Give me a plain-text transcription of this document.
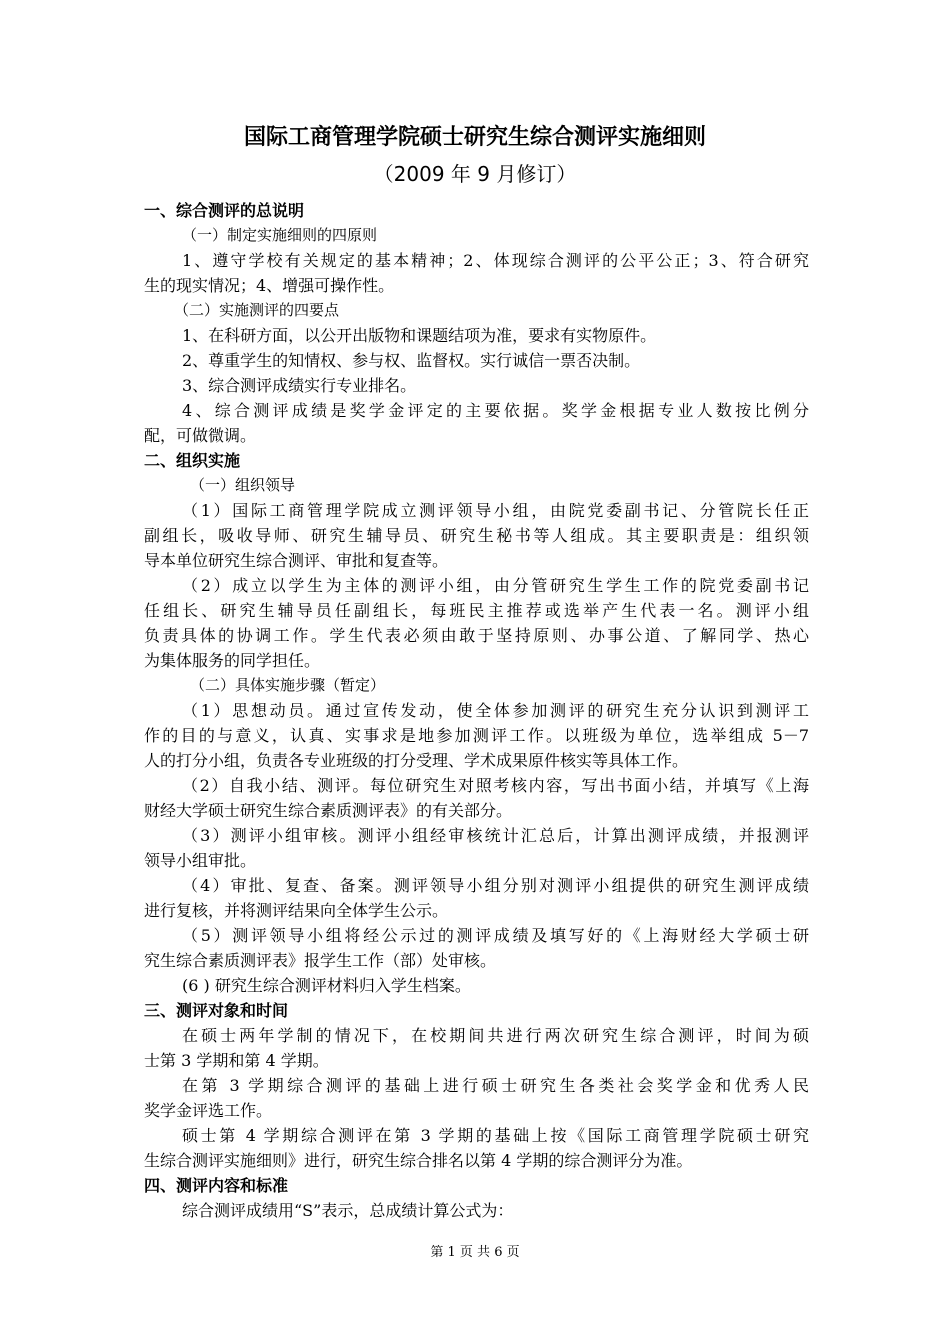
国际工商管理学院硕士研究生综合测评实施细则
（2009 年 9 月修订）
一、综合测评的总说明
（一）制定实施细则的四原则
1、遵守学校有关规定的基本精神；2、体现综合测评的公平公正；3、符合研究
生的现实情况；4、增强可操作性。
（二）实施测评的四要点
1、在科研方面，以公开出版物和课题结项为准，要求有实物原件。
2、尊重学生的知情权、参与权、监督权。实行诚信一票否决制。
3、综合测评成绩实行专业排名。
4、综合测评成绩是奖学金评定的主要依据。奖学金根据专业人数按比例分
配，可做微调。
二、组织实施
（一）组织领导
（1）国际工商管理学院成立测评领导小组，由院党委副书记、分管院长任正
副组长，吸收导师、研究生辅导员、研究生秘书等人组成。其主要职责是：组织领
导本单位研究生综合测评、审批和复查等。
（2）成立以学生为主体的测评小组，由分管研究生学生工作的院党委副书记
任组长、研究生辅导员任副组长，每班民主推荐或选举产生代表一名。测评小组
负责具体的协调工作。学生代表必须由敢于坚持原则、办事公道、了解同学、热心
为集体服务的同学担任。
（二）具体实施步骤（暂定）
（1）思想动员。通过宣传发动，使全体参加测评的研究生充分认识到测评工
作的目的与意义，认真、实事求是地参加测评工作。以班级为单位，选举组成 5－7
人的打分小组，负责各专业班级的打分受理、学术成果原件核实等具体工作。
（2）自我小结、测评。每位研究生对照考核内容，写出书面小结，并填写《上海
财经大学硕士研究生综合素质测评表》的有关部分。
（3）测评小组审核。测评小组经审核统计汇总后，计算出测评成绩，并报测评
领导小组审批。
（4）审批、复查、备案。测评领导小组分别对测评小组提供的研究生测评成绩
进行复核，并将测评结果向全体学生公示。
（5）测评领导小组将经公示过的测评成绩及填写好的《上海财经大学硕士研
究生综合素质测评表》报学生工作（部）处审核。
(6 ) 研究生综合测评材料归入学生档案。
三、测评对象和时间
在硕士两年学制的情况下，在校期间共进行两次研究生综合测评，时间为硕
士第 3 学期和第 4 学期。
在第 3 学期综合测评的基础上进行硕士研究生各类社会奖学金和优秀人民
奖学金评选工作。
硕士第 4 学期综合测评在第 3 学期的基础上按《国际工商管理学院硕士研究
生综合测评实施细则》进行，研究生综合排名以第 4 学期的综合测评分为准。
四、测评内容和标准
综合测评成绩用“S”表示，总成绩计算公式为：
第 1 页 共 6 页
